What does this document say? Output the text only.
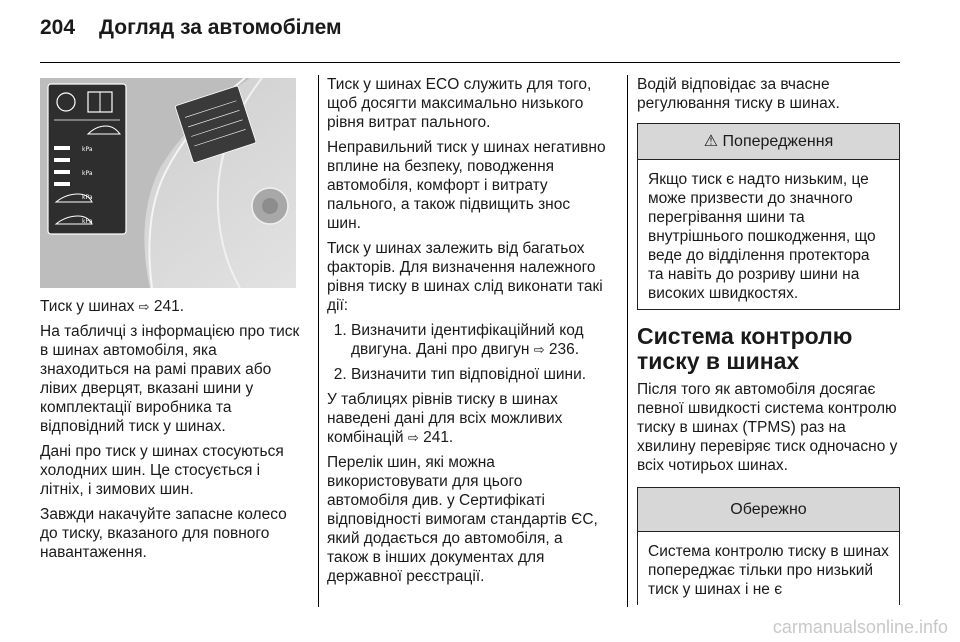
204 Догляд за автомобілем
kPa
kPa
kPa
kPa

Тиск у шинах ⇨ 241.

На табличці з інформацією про тиск в шинах автомобіля, яка знаходиться на рамі правих або лівих дверцят, вказані шини у комплектації виробника та відповідний тиск у шинах.

Дані про тиск у шинах стосуються холодних шин. Це стосується і літніх, і зимових шин.

Завжди накачуйте запасне колесо до тиску, вказаного для повного навантаження.

Тиск у шинах ECO служить для того, щоб досягти максимально низького рівня витрат пального.

Неправильний тиск у шинах негативно вплине на безпеку, поводження автомобіля, комфорт і витрату пального, а також підвищить знос шин.

Тиск у шинах залежить від багатьох факторів. Для визначення належного рівня тиску в шинах слід виконати такі дії:

1. Визначити ідентифікаційний код двигуна. Дані про двигун ⇨ 236.
2. Визначити тип відповідної шини.

У таблицях рівнів тиску в шинах наведені дані для всіх можливих комбінацій ⇨ 241.

Перелік шин, які можна використовувати для цього автомобіля див. у Сертифікаті відповідності вимогам стандартів ЄС, який додається до автомобіля, а також в інших документах для державної реєстрації.

Водій відповідає за вчасне регулювання тиску в шинах.

⚠ Попередження

Якщо тиск є надто низьким, це може призвести до значного перегрівання шини та внутрішнього пошкодження, що веде до відділення протектора та навіть до розриву шини на високих швидкостях.

Система контролю тиску в шинах

Після того як автомобіля досягає певної швидкості система контролю тиску в шинах (TPMS) раз на хвилину перевіряє тиск одночасно у всіх чотирьох шинах.

Обережно

Система контролю тиску в шинах попереджає тільки про низький тиск у шинах і не є

carmanualsonline.info
